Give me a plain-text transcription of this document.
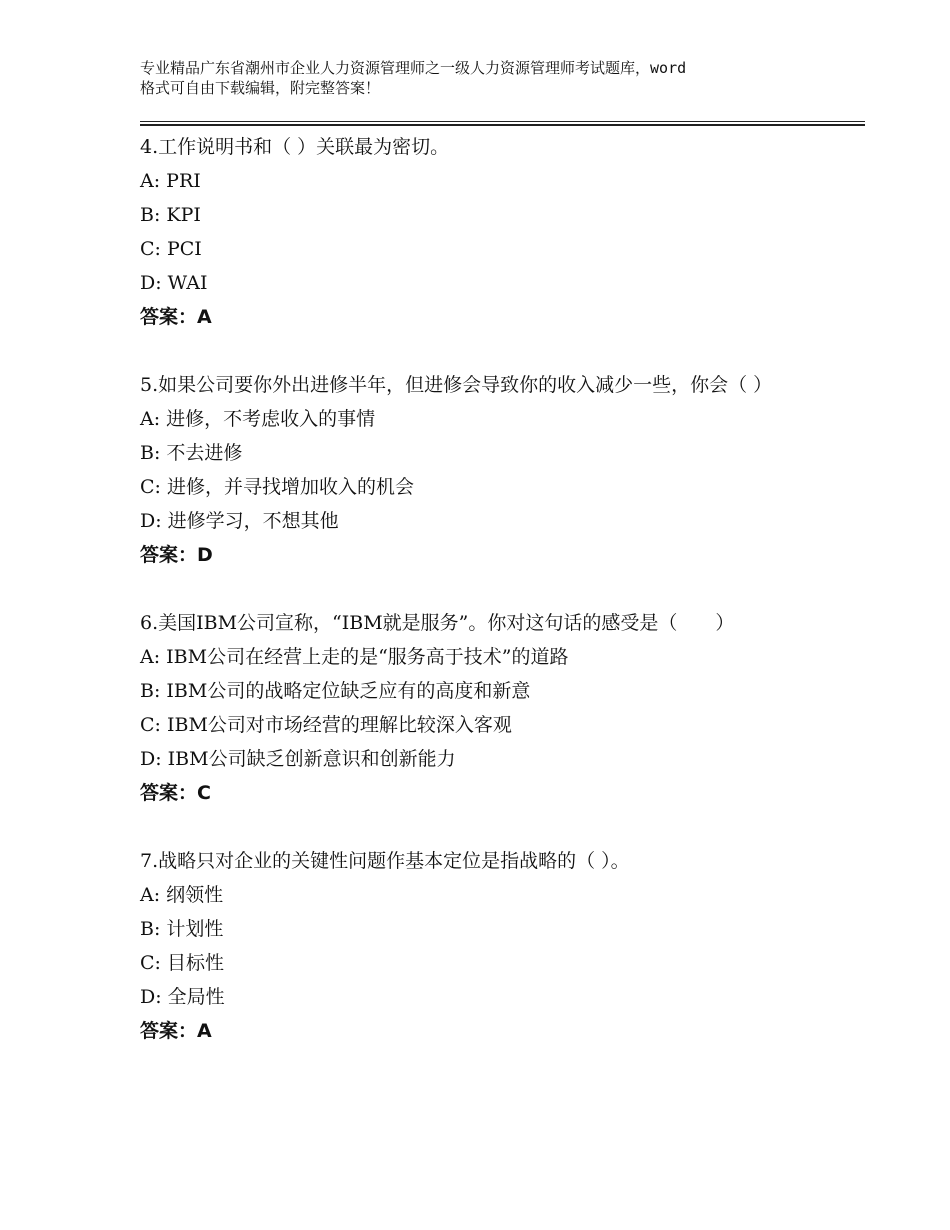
专业精品广东省潮州市企业人力资源管理师之一级人力资源管理师考试题库，word
格式可自由下载编辑，附完整答案！

4.工作说明书和（ ）关联最为密切。

A: PRI

B: KPI

C: PCI

D: WAI

答案：A

5.如果公司要你外出进修半年，但进修会导致你的收入减少一些，你会（ ）

A: 进修，不考虑收入的事情

B: 不去进修

C: 进修，并寻找增加收入的机会

D: 进修学习，不想其他

答案：D

6.美国IBM公司宣称，“IBM就是服务”。你对这句话的感受是（　　）

A: IBM公司在经营上走的是“服务高于技术”的道路

B: IBM公司的战略定位缺乏应有的高度和新意

C: IBM公司对市场经营的理解比较深入客观

D: IBM公司缺乏创新意识和创新能力

答案：C

7.战略只对企业的关键性问题作基本定位是指战略的（ ）。

A: 纲领性

B: 计划性

C: 目标性

D: 全局性

答案：A
